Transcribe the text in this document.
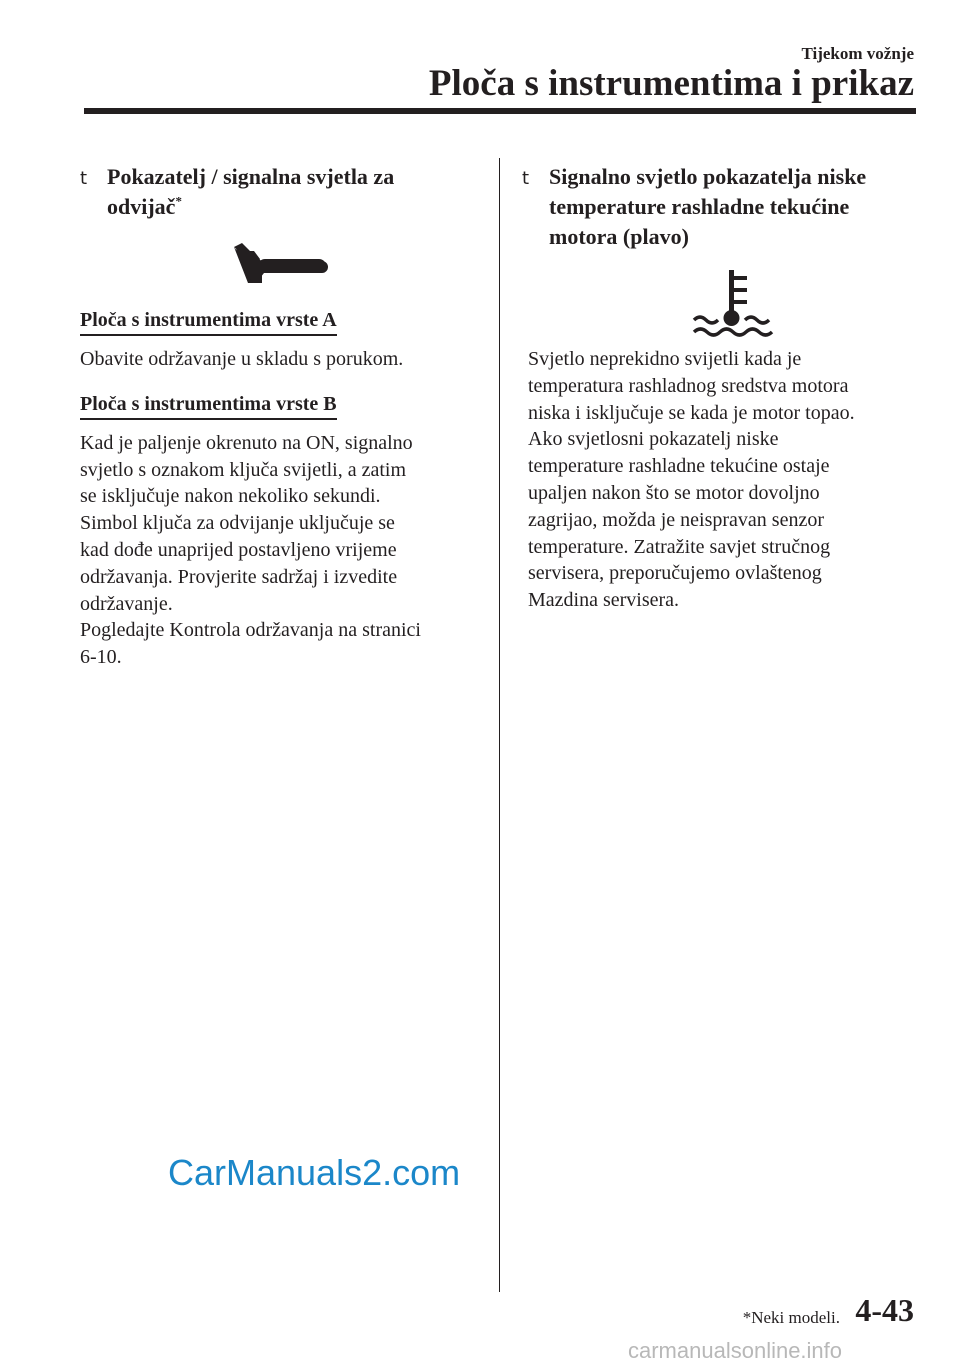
Tijekom vožnje
Ploča s instrumentima i prikaz
t Pokazatelj / signalna svjetla za odvijač*
Ploča s instrumentima vrste A

Obavite održavanje u skladu s porukom.

Ploča s instrumentima vrste B
Kad je paljenje okrenuto na ON, signalno
svjetlo s oznakom ključa svijetli, a zatim
se isključuje nakon nekoliko sekundi.
Simbol ključa za odvijanje uključuje se
kad dođe unaprijed postavljeno vrijeme
održavanja. Provjerite sadržaj i izvedite
održavanje.
Pogledajte Kontrola održavanja na stranici
6-10.
t Signalno svjetlo pokazatelja niske
temperature rashladne tekućine
motora (plavo)
Svjetlo neprekidno svijetli kada je
temperatura rashladnog sredstva motora
niska i isključuje se kada je motor topao.
Ako svjetlosni pokazatelj niske
temperature rashladne tekućine ostaje
upaljen nakon što se motor dovoljno
zagrijao, možda je neispravan senzor
temperature. Zatražite savjet stručnog
servisera, preporučujemo ovlaštenog
Mazdina servisera.
CarManuals2.com
*Neki modeli. 4-43
carmanualsonline.info
